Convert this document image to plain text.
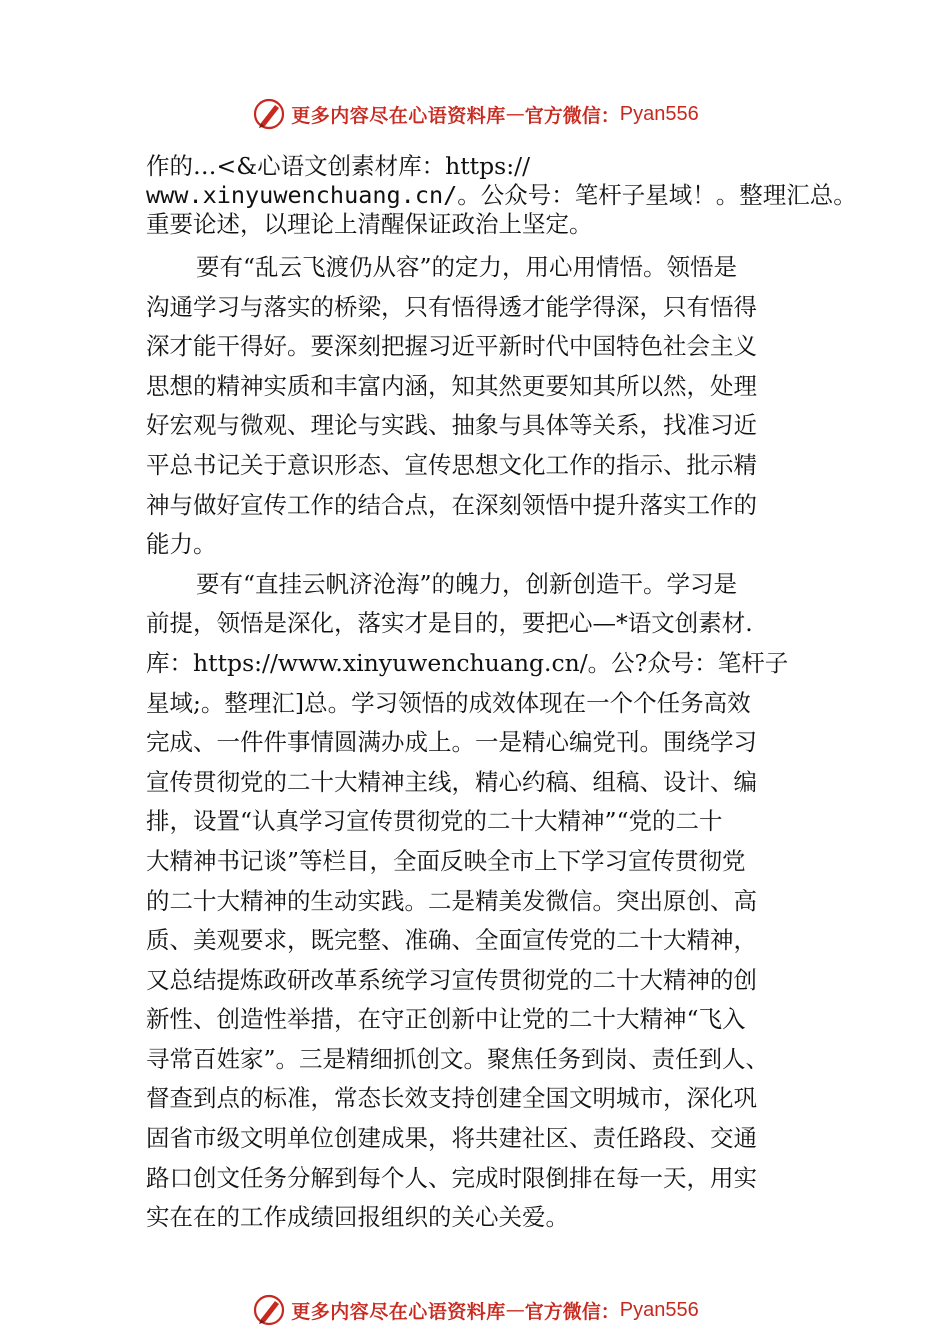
更多内容尽在心语资料库 — 官方微信： Pyan556
作的…<&心语文创素材库：https://
www.xinyuwenchuang.cn/。公众号：笔杆子星域！。整理汇总。
重要论述，以理论上清醒保证政治上坚定。
要有“乱云飞渡仍从容”的定力，用心用情悟。领悟是
沟通学习与落实的桥梁，只有悟得透才能学得深，只有悟得
深才能干得好。要深刻把握习近平新时代中国特色社会主义
思想的精神实质和丰富内涵，知其然更要知其所以然，处理
好宏观与微观、理论与实践、抽象与具体等关系，找准习近
平总书记关于意识形态、宣传思想文化工作的指示、批示精
神与做好宣传工作的结合点，在深刻领悟中提升落实工作的
能力。
要有“直挂云帆济沧海”的魄力，创新创造干。学习是
前提，领悟是深化，落实才是目的，要把心—*语文创素材.
库：https://www.xinyuwenchuang.cn/。公?众号：笔杆子
星域;。整理汇]总。学习领悟的成效体现在一个个任务高效
完成、一件件事情圆满办成上。一是精心编党刊。围绕学习
宣传贯彻党的二十大精神主线，精心约稿、组稿、设计、编
排，设置“认真学习宣传贯彻党的二十大精神”“党的二十
大精神书记谈”等栏目，全面反映全市上下学习宣传贯彻党
的二十大精神的生动实践。二是精美发微信。突出原创、高
质、美观要求，既完整、准确、全面宣传党的二十大精神，
又总结提炼政研改革系统学习宣传贯彻党的二十大精神的创
新性、创造性举措，在守正创新中让党的二十大精神“飞入
寻常百姓家”。三是精细抓创文。聚焦任务到岗、责任到人、
督查到点的标准，常态长效支持创建全国文明城市，深化巩
固省市级文明单位创建成果，将共建社区、责任路段、交通
路口创文任务分解到每个人、完成时限倒排在每一天，用实
实在在的工作成绩回报组织的关心关爱。
更多内容尽在心语资料库 — 官方微信： Pyan556
